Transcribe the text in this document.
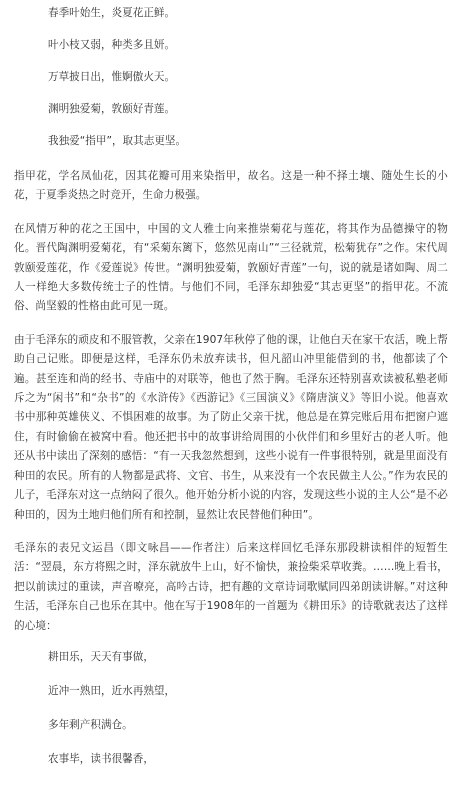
春季叶始生，炎夏花正鲜。

叶小枝又弱，种类多且妍。

万草披日出，惟婀傲火天。

渊明独爱菊，敦颐好青莲。

我独爱“指甲”，取其志更坚。

指甲花，学名凤仙花，因其花瓣可用来染指甲，故名。这是一种不择土壤、随处生长的小花，于夏季炎热之时竞开，生命力极强。

在风情万种的花之王国中，中国的文人雅士向来推崇菊花与莲花，将其作为品德操守的物化。晋代陶渊明爱菊花，有“采菊东篱下，悠然见南山”“三径就荒，松菊犹存”之作。宋代周敦颐爱莲花，作《爱莲说》传世。“渊明独爱菊，敦颐好青莲”一句，说的就是诸如陶、周二人一样绝大多数传统士子的性情。与他们不同，毛泽东却独爱“其志更坚”的指甲花。不流俗、尚坚毅的性格由此可见一斑。

由于毛泽东的顽皮和不服管教，父亲在1907年秋停了他的课，让他白天在家干农活，晚上帮助自己记账。即便是这样，毛泽东仍未放弃读书，但凡韶山冲里能借到的书，他都读了个遍。甚至连和尚的经书、寺庙中的对联等，他也了然于胸。毛泽东还特别喜欢读被私塾老师斥之为“闲书”和“杂书”的《水浒传》《西游记》《三国演义》《隋唐演义》等旧小说。他喜欢书中那种英雄侠义、不惧困难的故事。为了防止父亲干扰，他总是在算完账后用布把窗户遮住，有时偷偷在被窝中看。他还把书中的故事讲给周围的小伙伴们和乡里好古的老人听。他还从书中读出了深刻的感悟：“有一天我忽然想到，这些小说有一件事很特别，就是里面没有种田的农民。所有的人物都是武将、文官、书生，从来没有一个农民做主人公。”作为农民的儿子，毛泽东对这一点纳闷了很久。他开始分析小说的内容，发现这些小说的主人公“是不必种田的，因为土地归他们所有和控制，显然让农民替他们种田”。

毛泽东的表兄文运昌（即文咏昌——作者注）后来这样回忆毛泽东那段耕读相伴的短暂生活：“翌晨，东方将熙之时，泽东就放牛上山，好不愉快，兼捡柴采草收粪。……晚上看书，把以前读过的重读，声音嘹亮，高吟古诗，把有趣的文章诗词歌赋同四弟朗读讲解。”对这种生活，毛泽东自己也乐在其中。他在写于1908年的一首题为《耕田乐》的诗歌就表达了这样的心境：

耕田乐，天天有事做，

近冲一熟田，近水再熟望，

多年剩产积满仓。

农事毕，读书很馨香，
